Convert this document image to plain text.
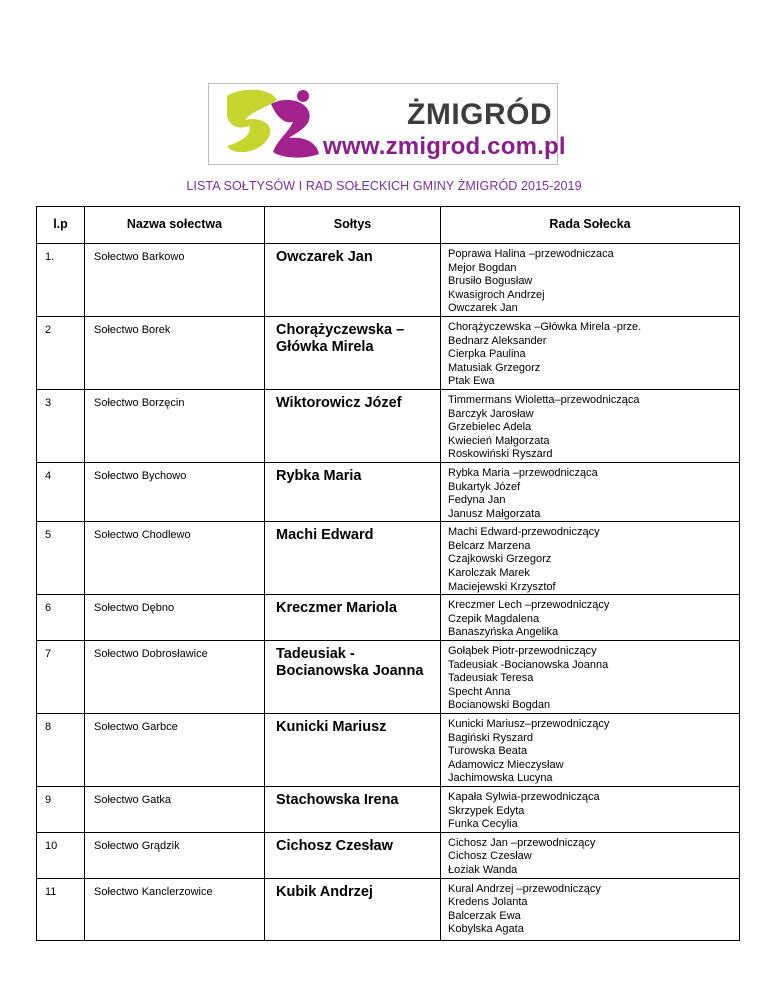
ŻMIGRÓD
www.zmigrod.com.pl
LISTA SOŁTYSÓW I RAD SOŁECKICH GMINY ŻMIGRÓD 2015-2019
l.p	Nazwa sołectwa	Sołtys	Rada Sołecka

1.	Sołectwo Barkowo	Owczarek Jan	Poprawa Halina –przewodniczaca
Mejor Bogdan
Brusiło Bogusław
Kwasigroch Andrzej
Owczarek Jan

2	Sołectwo Borek	Chorążyczewska – Główka Mirela	Chorążyczewska –Główka Mirela -prze.
Bednarz Aleksander
Cierpka Paulina
Matusiak Grzegorz
Ptak Ewa

3	Sołectwo Borzęcin	Wiktorowicz Józef	Timmermans Wioletta–przewodnicząca
Barczyk Jarosław
Grzebielec Adela
Kwiecień Małgorzata
Roskowiński Ryszard

4	Sołectwo Bychowo	Rybka Maria	Rybka Maria –przewodnicząca
Bukartyk Józef
Fedyna Jan
Janusz Małgorzata

5	Sołectwo Chodlewo	Machi Edward	Machi Edward-przewodniczący
Belcarz Marzena
Czajkowski Grzegorz
Karolczak Marek
Maciejewski Krzysztof

6	Sołectwo Dębno	Kreczmer Mariola	Kreczmer Lech –przewodniczący
Czepik Magdalena
Banaszyńska Angelika

7	Sołectwo Dobrosławice	Tadeusiak - Bocianowska Joanna	Gołąbek Piotr-przewodniczący
Tadeusiak -Bocianowska Joanna
Tadeusiak Teresa
Specht Anna
Bocianowski Bogdan

8	Sołectwo Garbce	Kunicki Mariusz	Kunicki Mariusz–przewodniczący
Bagiński Ryszard
Turowska Beata
Adamowicz Mieczysław
Jachimowska Lucyna

9	Sołectwo Gatka	Stachowska Irena	Kapała Sylwia-przewodnicząca
Skrzypek Edyta
Funka Cecylia

10	Sołectwo Grądzik	Cichosz Czesław	Cichosz Jan –przewodniczący
Cichosz Czesław
Łoziak Wanda

11	Sołectwo Kanclerzowice	Kubik Andrzej	Kural Andrzej –przewodniczący
Kredens Jolanta
Balcerzak Ewa
Kobylska Agata
